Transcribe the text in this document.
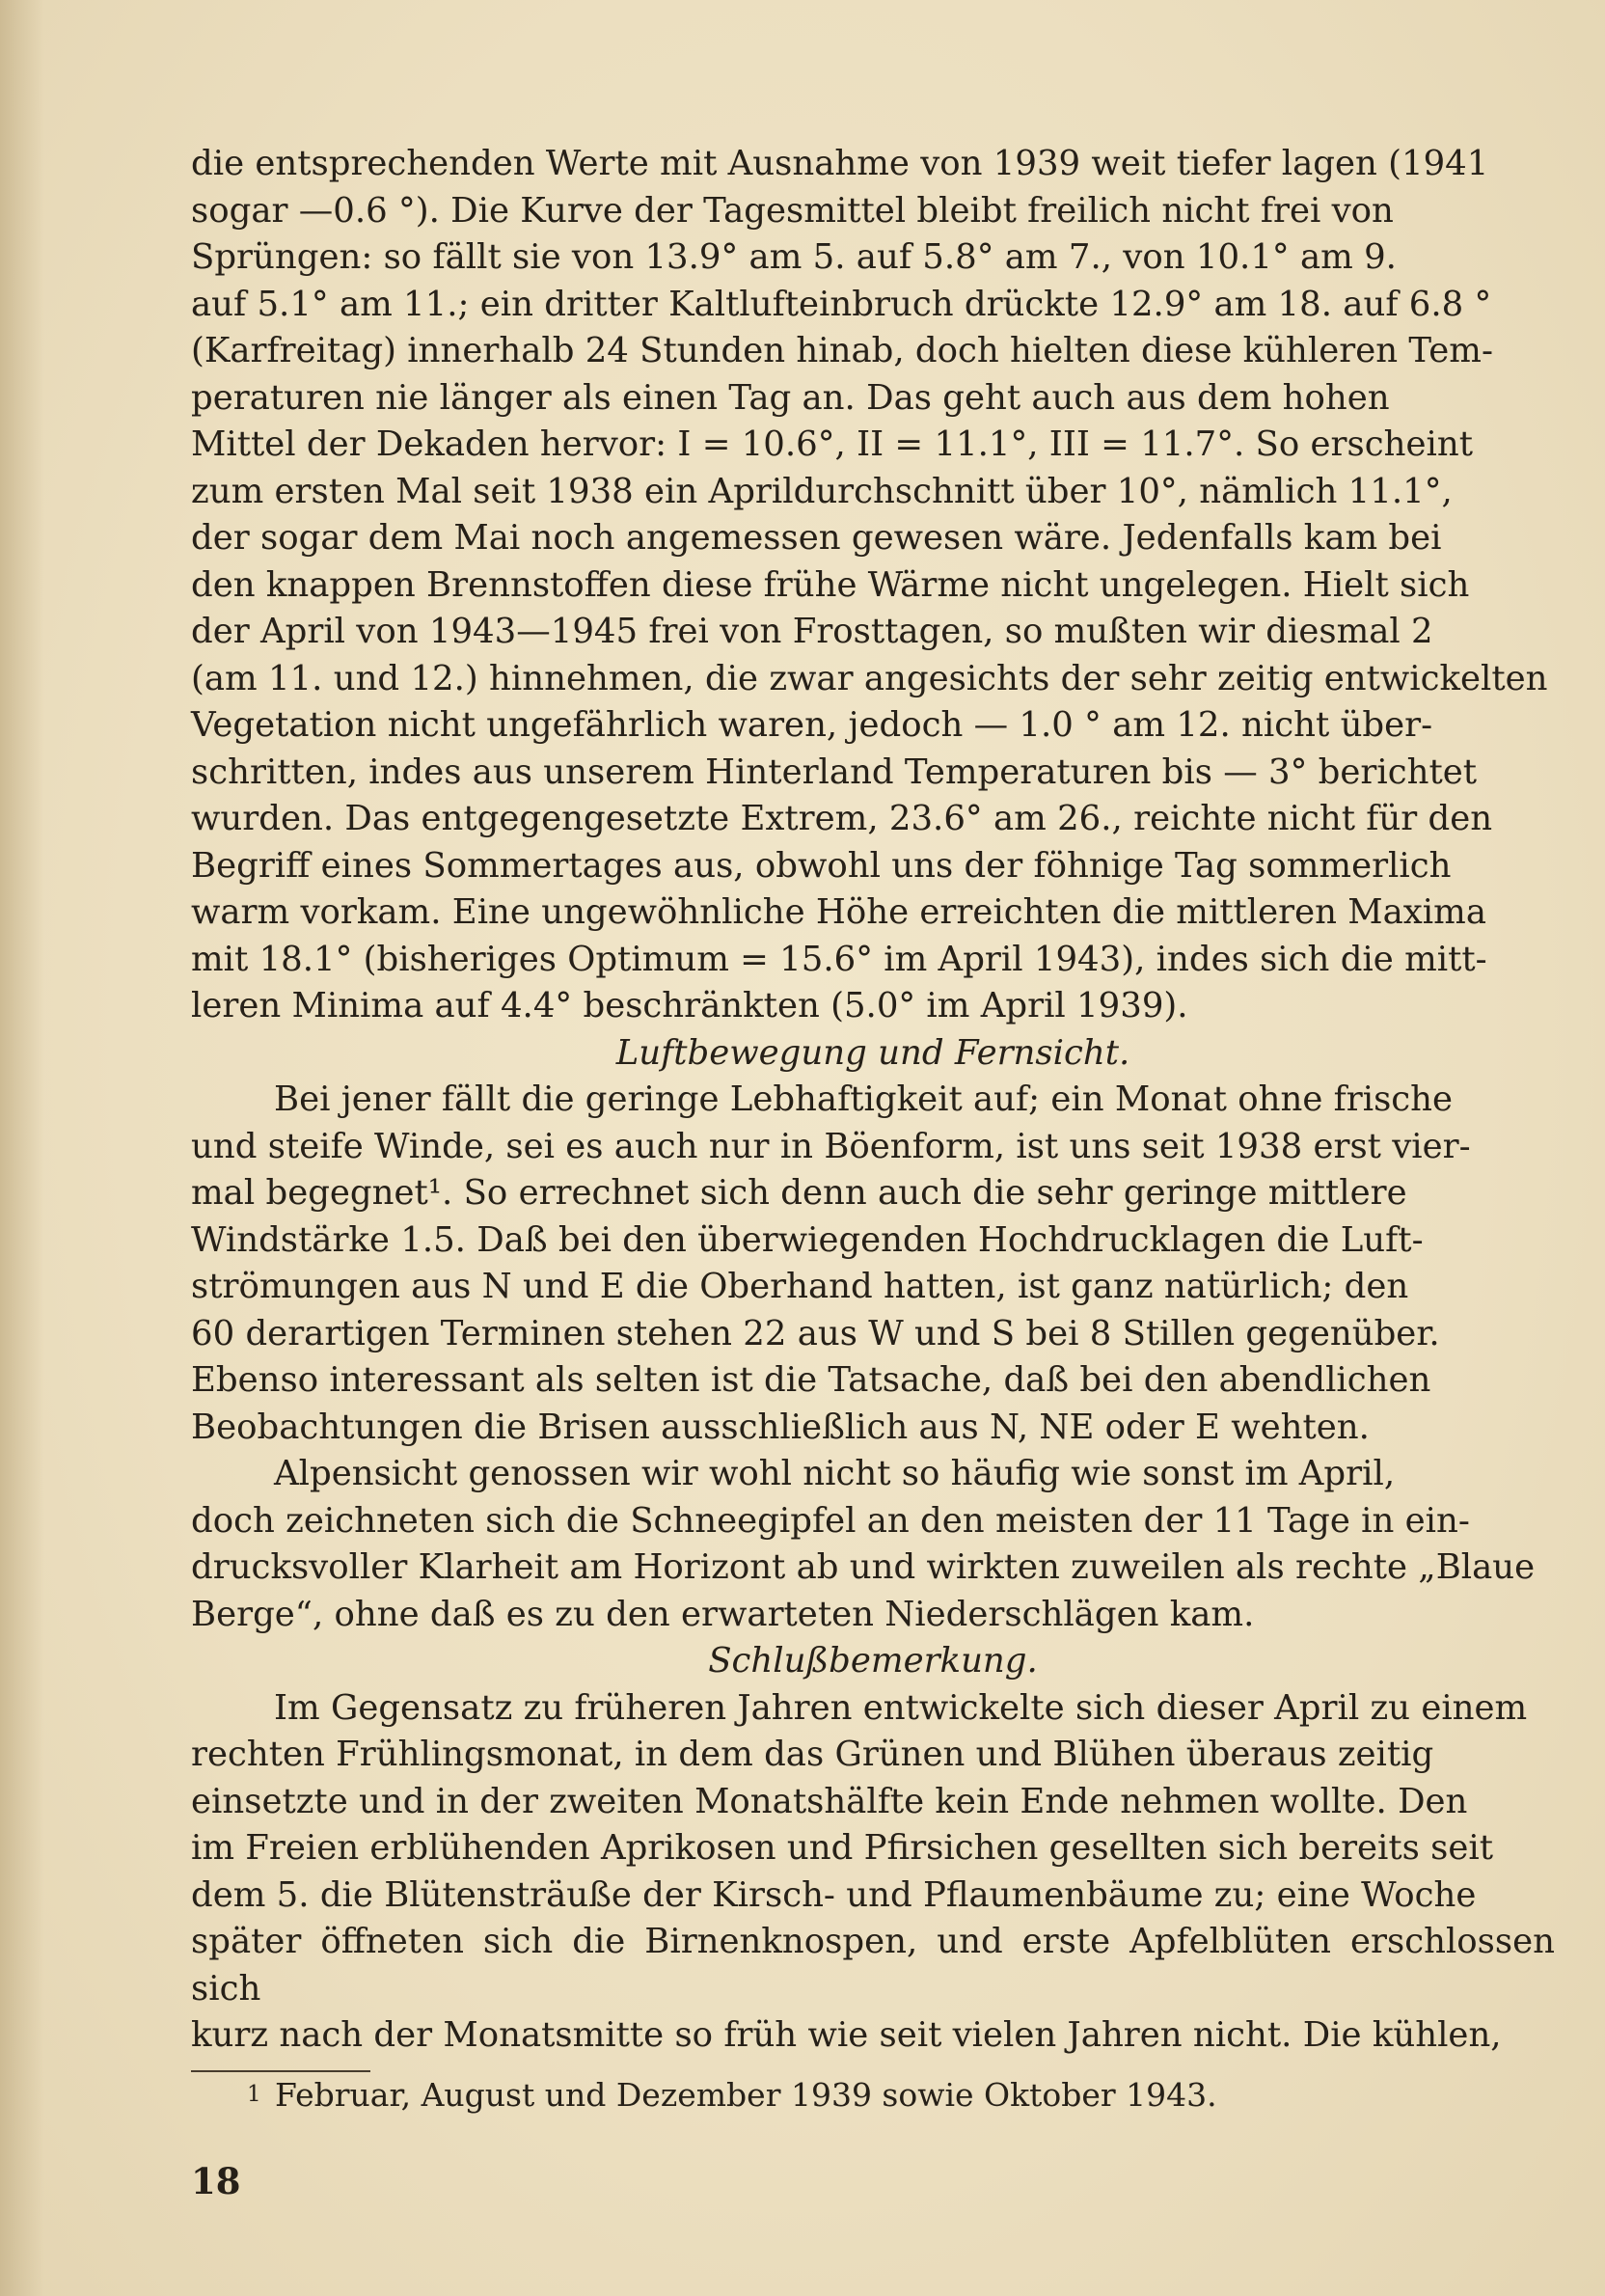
die entsprechenden Werte mit Ausnahme von 1939 weit tiefer lagen (1941
sogar —0.6 °). Die Kurve der Tagesmittel bleibt freilich nicht frei von
Sprüngen: so fällt sie von 13.9° am 5. auf 5.8° am 7., von 10.1° am 9.
auf 5.1° am 11.; ein dritter Kaltlufteinbruch drückte 12.9° am 18. auf 6.8 °
(Karfreitag) innerhalb 24 Stunden hinab, doch hielten diese kühleren Tem-
peraturen nie länger als einen Tag an. Das geht auch aus dem hohen
Mittel der Dekaden hervor: I = 10.6°, II = 11.1°, III = 11.7°. So erscheint
zum ersten Mal seit 1938 ein Aprildurchschnitt über 10°, nämlich 11.1°,
der sogar dem Mai noch angemessen gewesen wäre. Jedenfalls kam bei
den knappen Brennstoffen diese frühe Wärme nicht ungelegen. Hielt sich
der April von 1943—1945 frei von Frosttagen, so mußten wir diesmal 2
(am 11. und 12.) hinnehmen, die zwar angesichts der sehr zeitig entwickelten
Vegetation nicht ungefährlich waren, jedoch — 1.0 ° am 12. nicht über-
schritten, indes aus unserem Hinterland Temperaturen bis — 3° berichtet
wurden. Das entgegengesetzte Extrem, 23.6° am 26., reichte nicht für den
Begriff eines Sommertages aus, obwohl uns der föhnige Tag sommerlich
warm vorkam. Eine ungewöhnliche Höhe erreichten die mittleren Maxima
mit 18.1° (bisheriges Optimum = 15.6° im April 1943), indes sich die mitt-
leren Minima auf 4.4° beschränkten (5.0° im April 1939).

Luftbewegung und Fernsicht.

Bei jener fällt die geringe Lebhaftigkeit auf; ein Monat ohne frische
und steife Winde, sei es auch nur in Böenform, ist uns seit 1938 erst vier-
mal begegnet¹. So errechnet sich denn auch die sehr geringe mittlere
Windstärke 1.5. Daß bei den überwiegenden Hochdrucklagen die Luft-
strömungen aus N und E die Oberhand hatten, ist ganz natürlich; den
60 derartigen Terminen stehen 22 aus W und S bei 8 Stillen gegenüber.
Ebenso interessant als selten ist die Tatsache, daß bei den abendlichen
Beobachtungen die Brisen ausschließlich aus N, NE oder E wehten.

Alpensicht genossen wir wohl nicht so häufig wie sonst im April,
doch zeichneten sich die Schneegipfel an den meisten der 11 Tage in ein-
drucksvoller Klarheit am Horizont ab und wirkten zuweilen als rechte „Blaue
Berge“, ohne daß es zu den erwarteten Niederschlägen kam.

Schlußbemerkung.

Im Gegensatz zu früheren Jahren entwickelte sich dieser April zu einem
rechten Frühlingsmonat, in dem das Grünen und Blühen überaus zeitig
einsetzte und in der zweiten Monatshälfte kein Ende nehmen wollte. Den
im Freien erblühenden Aprikosen und Pfirsichen gesellten sich bereits seit
dem 5. die Blütensträuße der Kirsch- und Pflaumenbäume zu; eine Woche
später öffneten sich die Birnenknospen, und erste Apfelblüten erschlossen sich
kurz nach der Monatsmitte so früh wie seit vielen Jahren nicht. Die kühlen,

1 Februar, August und Dezember 1939 sowie Oktober 1943.
18
